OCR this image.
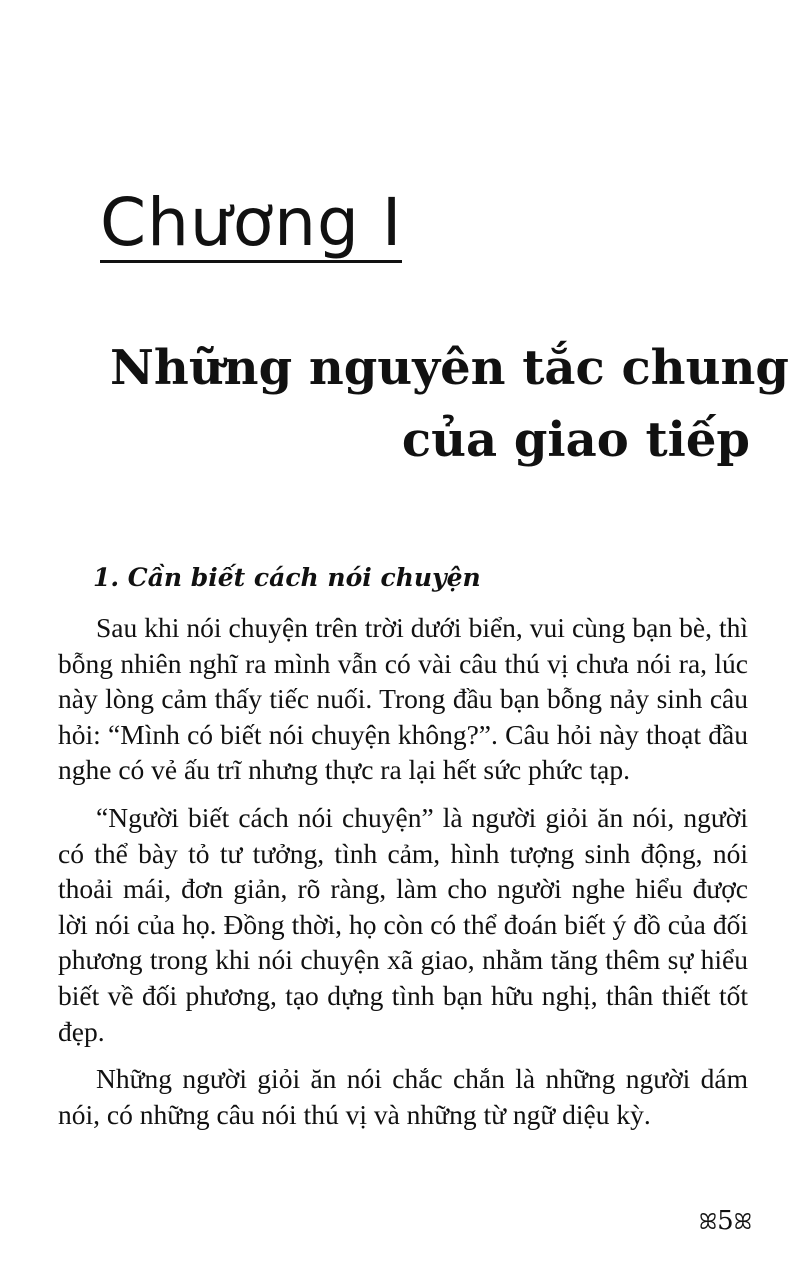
Chương I
Những nguyên tắc chung
của giao tiếp
1. Cần biết cách nói chuyện

Sau khi nói chuyện trên trời dưới biển, vui cùng bạn bè, thì bỗng nhiên nghĩ ra mình vẫn có vài câu thú vị chưa nói ra, lúc này lòng cảm thấy tiếc nuối. Trong đầu bạn bỗng nảy sinh câu hỏi: “Mình có biết nói chuyện không?”. Câu hỏi này thoạt đầu nghe có vẻ ấu trĩ nhưng thực ra lại hết sức phức tạp.

“Người biết cách nói chuyện” là người giỏi ăn nói, người có thể bày tỏ tư tưởng, tình cảm, hình tượng sinh động, nói thoải mái, đơn giản, rõ ràng, làm cho người nghe hiểu được lời nói của họ. Đồng thời, họ còn có thể đoán biết ý đồ của đối phương trong khi nói chuyện xã giao, nhằm tăng thêm sự hiểu biết về đối phương, tạo dựng tình bạn hữu nghị, thân thiết tốt đẹp.

Những người giỏi ăn nói chắc chắn là những người dám nói, có những câu nói thú vị và những từ ngữ diệu kỳ.

ꕤ5ꕤ
